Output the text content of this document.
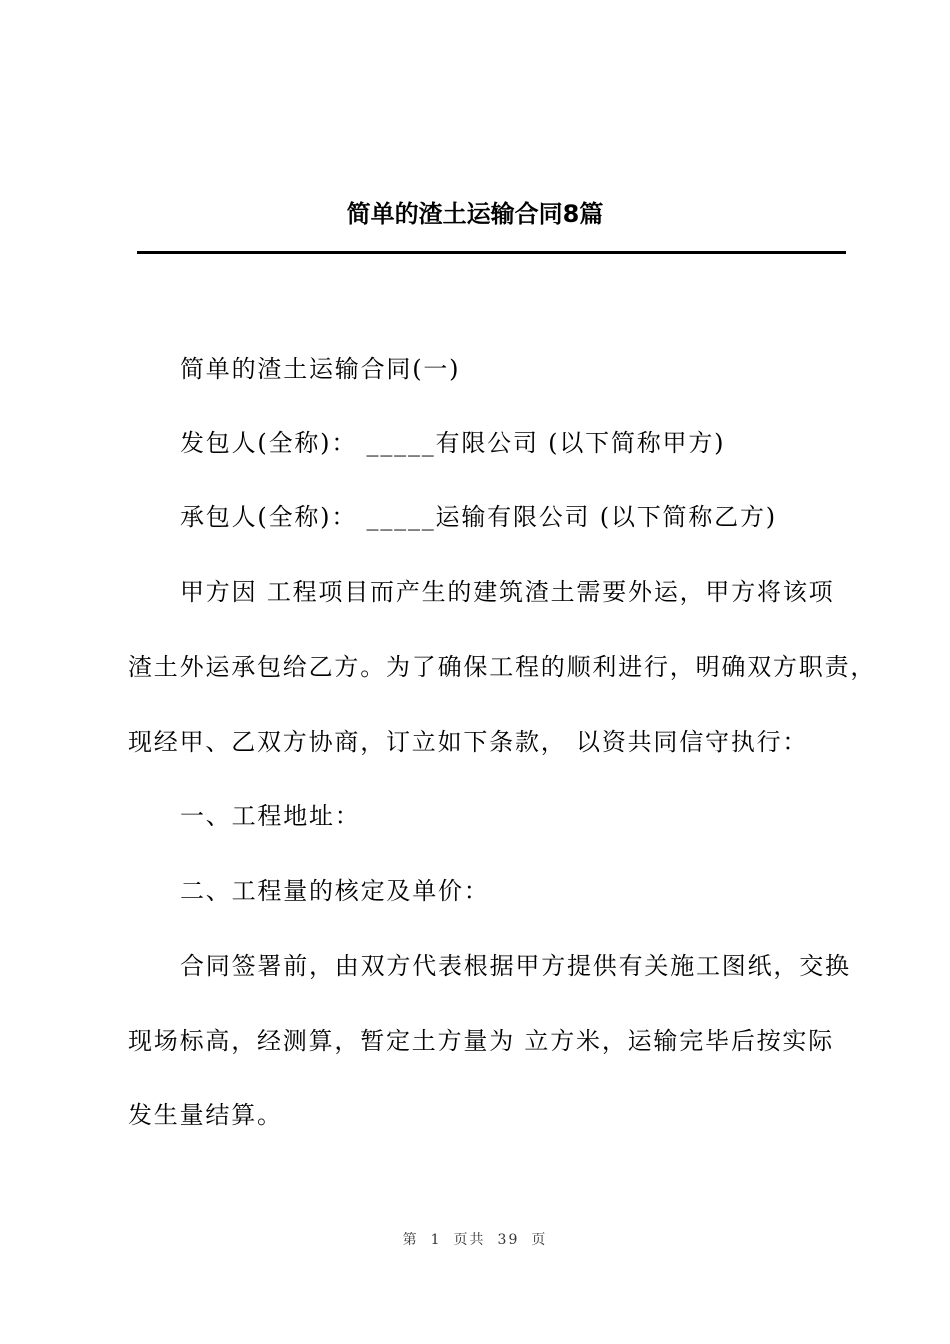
简单的渣土运输合同8篇

简单的渣土运输合同(一)

发包人(全称)： _____有限公司 (以下简称甲方)

承包人(全称)： _____运输有限公司 (以下简称乙方)

甲方因 工程项目而产生的建筑渣土需要外运，甲方将该项

渣土外运承包给乙方。为了确保工程的顺利进行，明确双方职责，

现经甲、乙双方协商，订立如下条款， 以资共同信守执行：

一、工程地址：

二、工程量的核定及单价：

合同签署前，由双方代表根据甲方提供有关施工图纸，交换

现场标高，经测算，暂定土方量为 立方米，运输完毕后按实际

发生量结算。

第 1 页共 39 页
